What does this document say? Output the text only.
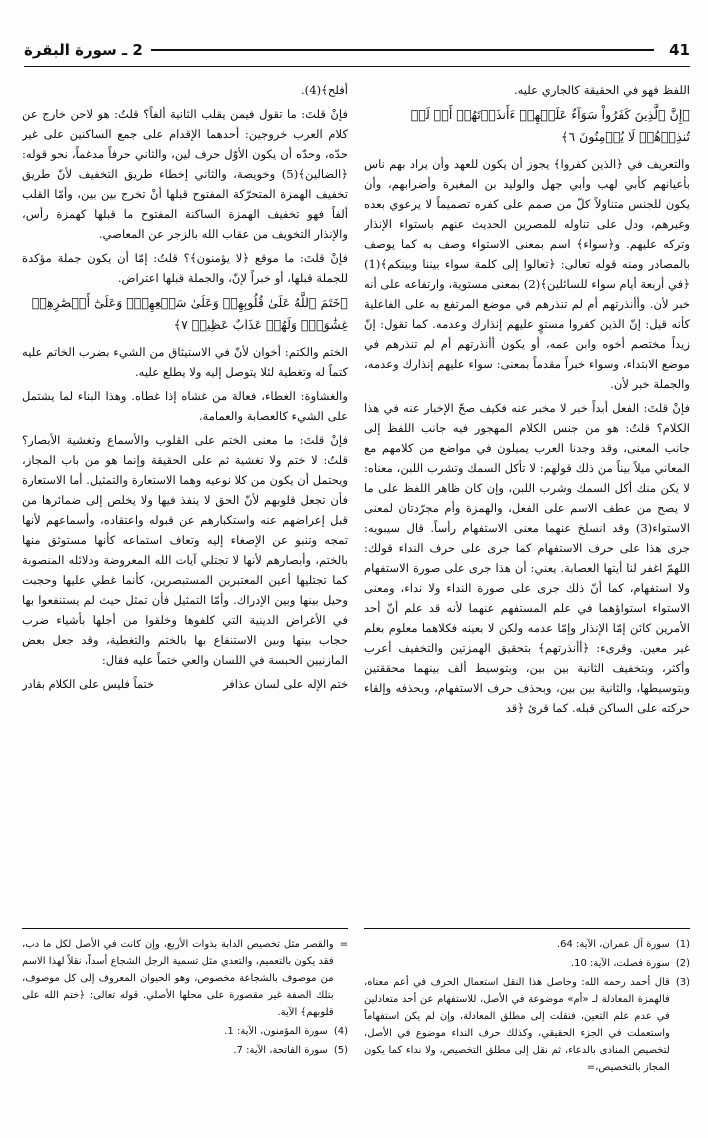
41
2 ـ سورة البقرة

اللفظ فهو في الحقيقة كالجاري عليه.

﴿إِنَّ ٱلَّذِينَ كَفَرُواْ سَوَآءٌ عَلَيۡهِمۡ ءَأَنذَرۡتَهُمۡ أَمۡ لَمۡ تُنذِرۡهُمۡ لَا يُؤۡمِنُونَ ٦﴾

والتعريف في ﴿الذين كفروا﴾ يجوز أن يكون للعهد وأن يراد بهم ناس بأعيانهم كأبي لهب وأبي جهل والوليد بن المغيرة وأضرابهم، وأن يكون للجنس متناولاً كلّ من صمم على كفره تصميماً لا يرعوي بعده وغيرهم، ودل على تناوله للمصرين الحديث عنهم باستواء الإنذار وتركه عليهم. و﴿سواء﴾ اسم بمعنى الاستواء وصف به كما يوصف بالمصادر ومنه قوله تعالى: ﴿تعالوا إلى كلمة سواء بيننا وبينكم﴾(1) ﴿في أربعة أيام سواء للسائلين﴾(2) بمعنى مستوية، وارتفاعه على أنه خبر لأن. وأأنذرتهم أم لم تنذرهم في موضع المرتفع به على الفاعلية كأنه قيل: إنّ الذين كفروا مستوٍ عليهم إنذارك وعدمه. كما تقول: إنّ زيداً مختصم أخوه وابن عمه، أو يكون أأنذرتهم أم لم تنذرهم في موضع الابتداء، وسواء خبراً مقدماً بمعنى: سواء عليهم إنذارك وعدمه، والجملة خبر لأن.

فإنْ قلتَ: الفعل أبداً خبر لا مخبر عنه فكيف صحّ الإخبار عنه في هذا الكلام؟ قلتُ: هو من جنس الكلام المهجور فيه جانب اللفظ إلى جانب المعنى، وقد وجدنا العرب يميلون في مواضع من كلامهم مع المعاني ميلاً بيناً من ذلك قولهم: لا تأكل السمك وتشرب اللبن، معناه: لا يكن منك أكل السمك وشرب اللبن، وإن كان ظاهر اللفظ على ما لا يصح من عطف الاسم على الفعل، والهمزة وأم مجرّدتان لمعنى الاستواء(3) وقد انسلخ عنهما معنى الاستفهام رأساً. قال سيبويه: جرى هذا على حرف الاستفهام كما جرى على حرف النداء قولك: اللهمّ اغفر لنا أيتها العصابة. يعني: أن هذا جرى على صورة الاستفهام ولا استفهام، كما أنّ ذلك جرى على صورة النداء ولا نداء، ومعنى الاستواء استواؤهما في علم المستفهم عنهما لأنه قد علم أنّ أحد الأمرين كائن إمّا الإنذار وإمّا عدمه ولكن لا بعينه فكلاهما معلوم بعلم غير معين. وقرىء: ﴿أأنذرتهم﴾ بتحقيق الهمزتين والتخفيف أعرب وأكثر، وبتخفيف الثانية بين بين، وبتوسيط ألف بينهما محققتين وبتوسيطها، والثانية بين بين، وبحذف حرف الاستفهام، وبحذفه وإلقاء حركته على الساكن قبله. كما قرئ ﴿قد

أفلح﴾(4).

فإنْ قلتَ: ما تقول فيمن يقلب الثانية ألفاً؟ قلتُ: هو لاحن خارج عن كلام العرب خروجين: أحدهما الإقدام على جمع الساكنين على غير حدّه، وحدّه أن يكون الأوّل حرف لين، والثاني حرفاً مدغماً، نحو قوله: ﴿الضالين﴾(5) وخويصة، والثاني إخطاء طريق التخفيف لأنّ طريق تخفيف الهمزة المتحرّكة المفتوح قبلها أنْ تخرج بين بين، وأمّا القلب ألفاً فهو تخفيف الهمزة الساكنة المفتوح ما قبلها كهمزة رأس، والإنذار التخويف من عقاب الله بالزجر عن المعاصي.

فإنْ قلتَ: ما موقع ﴿لا يؤمنون﴾؟ قلتُ: إمّا أن يكون جملة مؤكدة للجملة قبلها، أو خبراً لإنّ، والجملة قبلها اعتراض.

﴿خَتَمَ ٱللَّهُ عَلَىٰ قُلُوبِهِمۡ وَعَلَىٰ سَمۡعِهِمۡۖ وَعَلَىٰٓ أَبۡصَٰرِهِمۡ غِشَٰوَةٞۖ وَلَهُمۡ عَذَابٌ عَظِيمٞ ٧﴾

الختم والكتم: أخوان لأنّ في الاستيثاق من الشيء بضرب الخاتم عليه كتماً له وتغطية لئلا يتوصل إليه ولا يطلع عليه.

والغشاوة: الغطاء، فعالة من غشاه إذا غطاه. وهذا البناء لما يشتمل على الشيء كالعصابة والعمامة.

فإنْ قلتَ: ما معنى الختم على القلوب والأسماع وتغشية الأبصار؟ قلتُ: لا ختم ولا تغشية ثم على الحقيقة وإنما هو من باب المجاز، ويحتمل أن يكون من كلا نوعيه وهما الاستعارة والتمثيل. أما الاستعارة فأن تجعل قلوبهم لأنّ الحق لا ينفذ فيها ولا يخلص إلى ضمائرها من قبل إعراضهم عنه واستكبارهم عن قبوله واعتقاده، وأسماعهم لأنها تمجه وتنبو عن الإصغاء إليه وتعاف استماعه كأنها مستوثق منها بالختم، وأبصارهم لأنها لا تجتلي آيات الله المعروضة ودلائله المنصوبة كما تجتليها أعين المعتبرين المستبصرين، كأنما غطي عليها وحجبت وحيل بينها وبين الإدراك. وأمّا التمثيل فأن تمثل حيث لم يستنفعوا بها في الأغراض الدينية التي كلفوها وخلقوا من أجلها بأشياء ضرب حجاب بينها وبين الاستنفاع بها بالختم والتغطية، وقد جعل بعض المازنيين الحبسة في اللسان والعي ختماً عليه فقال:

ختم الإله على لسان عذافر
ختماً فليس على الكلام بقادر
(1)
سورة آل عمران، الآية: 64.
(2)
سورة فصلت، الآية: 10.
(3)
قال أحمد رحمه الله: وحاصل هذا النقل استعمال الحرف في أعم معناه، فالهمزة المعادلة لـ «أم» موضوعة في الأصل، للاستفهام عن أحد متعادلين في عدم علم التعين، فنقلت إلى مطلق المعادلة، وإن لم يكن استفهاماً واستعملت في الجزء الحقيقي، وكذلك حرف النداء موضوع في الأصل، لتخصيص المنادى بالدعاء، ثم نقل إلى مطلق التخصيص، ولا نداء كما يكون المجاز بالتخصيص،=
=
والقصر مثل تخصيص الدابة بذوات الأربع، وإن كانت في الأصل لكل ما دب، فقد يكون بالتعميم، والتعدي مثل تسمية الرجل الشجاع أسداً، نقلاً لهذا الاسم من موصوف بالشجاعة مخصوص، وهو الحيوان المعروف إلى كل موصوف، بتلك الصفة غير مقصورة على محلها الأصلي. قوله تعالى: ﴿ختم الله على قلوبهم﴾ الآية.
(4)
سورة المؤمنون، الآية: 1.
(5)
سورة الفاتحة، الآية: 7.
